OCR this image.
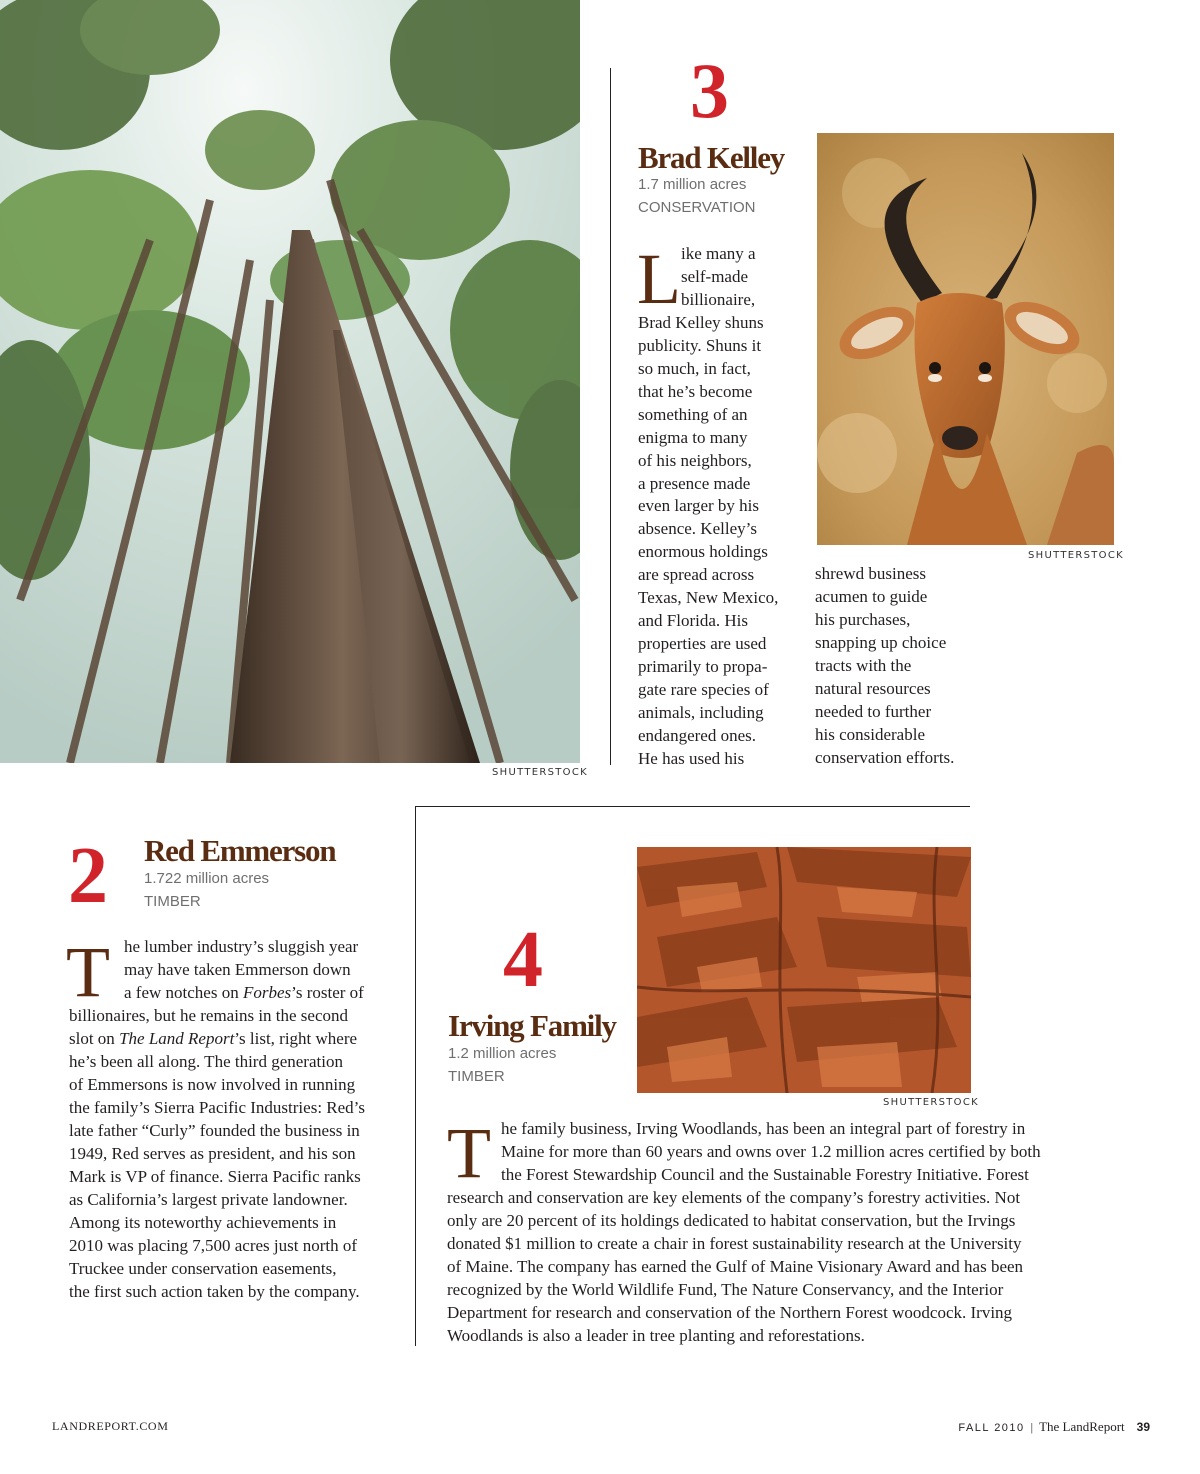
SHUTTERSTOCK
3
Brad Kelley
1.7 million acres
CONSERVATION
L ike many a
self-made
billionaire,
Brad Kelley shuns
publicity. Shuns it
so much, in fact,
that he’s become
something of an
enigma to many
of his neighbors,
a presence made
even larger by his
absence. Kelley’s
enormous holdings
are spread across
Texas, New Mexico,
and Florida. His
properties are used
primarily to propa-
gate rare species of
animals, including
endangered ones.
He has used his
shrewd business
acumen to guide
his purchases,
snapping up choice
tracts with the
natural resources
needed to further
his considerable
conservation efforts.
SHUTTERSTOCK
2 Red Emmerson
1.722 million acres
TIMBER
T he lumber industry’s sluggish year
may have taken Emmerson down
a few notches on Forbes’s roster of
billionaires, but he remains in the second
slot on The Land Report’s list, right where
he’s been all along. The third generation
of Emmersons is now involved in running
the family’s Sierra Pacific Industries: Red’s
late father “Curly” founded the business in
1949, Red serves as president, and his son
Mark is VP of finance. Sierra Pacific ranks
as California’s largest private landowner.
Among its noteworthy achievements in
2010 was placing 7,500 acres just north of
Truckee under conservation easements,
the first such action taken by the company.
SHUTTERSTOCK
4
Irving Family
1.2 million acres
TIMBER
T he family business, Irving Woodlands, has been an integral part of forestry in
Maine for more than 60 years and owns over 1.2 million acres certified by both
the Forest Stewardship Council and the Sustainable Forestry Initiative. Forest
research and conservation are key elements of the company’s forestry activities. Not
only are 20 percent of its holdings dedicated to habitat conservation, but the Irvings
donated $1 million to create a chair in forest sustainability research at the University
of Maine. The company has earned the Gulf of Maine Visionary Award and has been
recognized by the World Wildlife Fund, The Nature Conservancy, and the Interior
Department for research and conservation of the Northern Forest woodcock. Irving
Woodlands is also a leader in tree planting and reforestations.
LANDREPORT.COM	FALL 2010 | The LandReport 39
